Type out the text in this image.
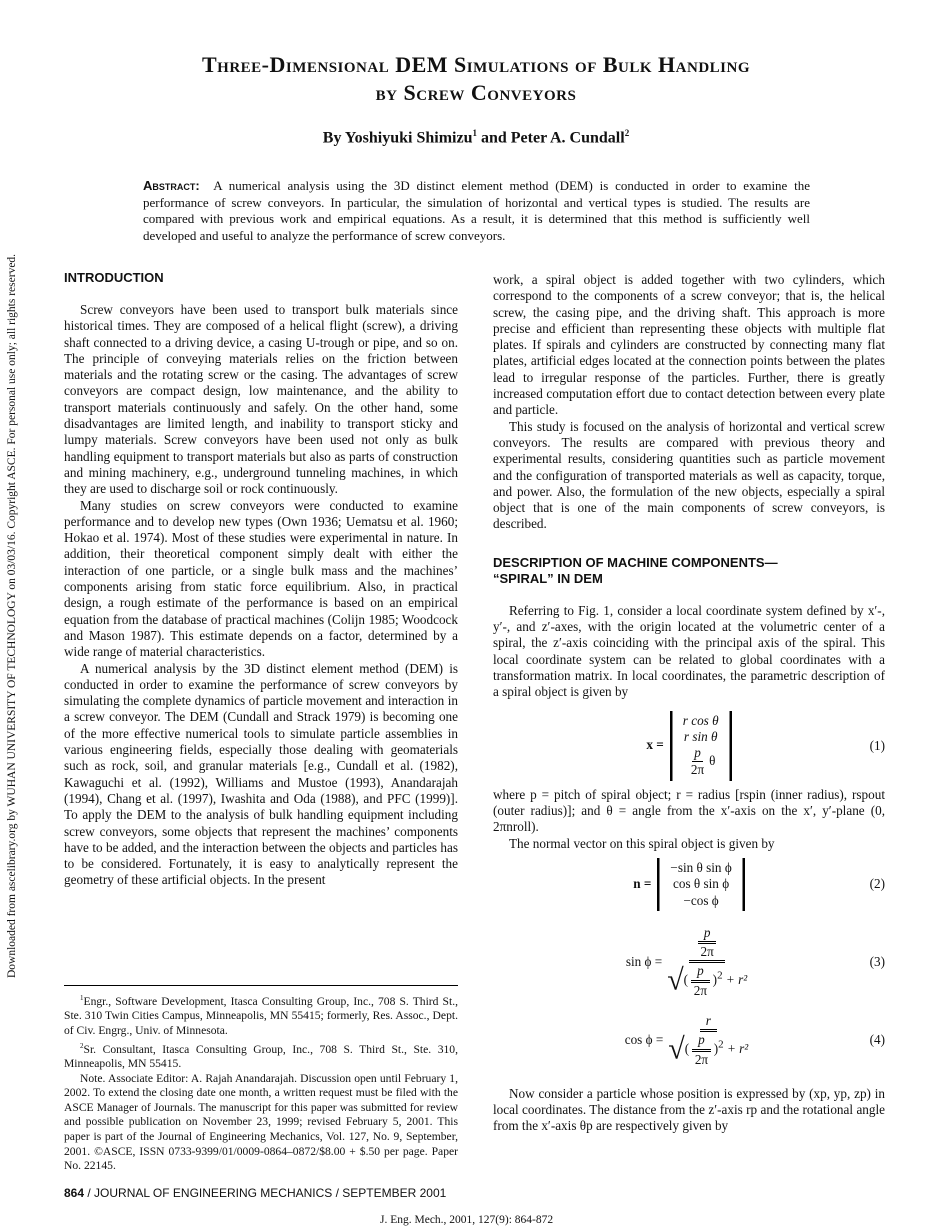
Three-Dimensional DEM Simulations of Bulk Handling
by Screw Conveyors
By Yoshiyuki Shimizu$^1$ and Peter A. Cundall$^2$
Abstract: A numerical analysis using the 3D distinct element method (DEM) is conducted in order to examine the performance of screw conveyors. In particular, the simulation of horizontal and vertical types is studied. The results are compared with previous work and empirical equations. As a result, it is determined that this method is sufficiently well developed and useful to analyze the performance of screw conveyors.
Downloaded from ascelibrary.org by WUHAN UNIVERSITY OF TECHNOLOGY on 03/03/16. Copyright ASCE. For personal use only; all rights reserved.	INTRODUCTION

Screw conveyors have been used to transport bulk materials since historical times. They are composed of a helical flight (screw), a driving shaft connected to a driving device, a casing U-trough or pipe, and so on. The principle of conveying materials relies on the friction between materials and the rotating screw or the casing. The advantages of screw conveyors are compact design, low maintenance, and the ability to transport materials continuously and safely. On the other hand, some disadvantages are limited length, and inability to transport sticky and lumpy materials. Screw conveyors have been used not only as bulk handling equipment to transport materials but also as parts of construction and mining machinery, e.g., underground tunneling machines, in which they are used to discharge soil or rock continuously.

Many studies on screw conveyors were conducted to examine performance and to develop new types (Own 1936; Uematsu et al. 1960; Hokao et al. 1974). Most of these studies were experimental in nature. In addition, their theoretical component simply dealt with either the interaction of one particle, or a single bulk mass and the machines’ components arising from static force equilibrium. Also, in practical design, a rough estimate of the performance is based on an empirical equation from the database of practical machines (Colijn 1985; Woodcock and Mason 1987). This estimate depends on a factor, determined by a wide range of material characteristics.

A numerical analysis by the 3D distinct element method (DEM) is conducted in order to examine the performance of screw conveyors by simulating the complete dynamics of particle movement and interaction in a screw conveyor. The DEM (Cundall and Strack 1979) is becoming one of the more effective numerical tools to simulate particle assemblies in various engineering fields, especially those dealing with geomaterials such as rock, soil, and granular materials [e.g., Cundall et al. (1982), Kawaguchi et al. (1992), Williams and Mustoe (1993), Anandarajah (1994), Chang et al. (1997), Iwashita and Oda (1988), and PFC (1999)]. To apply the DEM to the analysis of bulk handling equipment including screw conveyors, some objects that represent the machines’ components have to be added, and the interaction between the objects and particles has to be considered. Fortunately, it is easy to analytically represent the geometry of these artificial objects. In the present

work, a spiral object is added together with two cylinders, which correspond to the components of a screw conveyor; that is, the helical screw, the casing pipe, and the driving shaft. This approach is more precise and efficient than representing these objects with multiple flat plates. If spirals and cylinders are constructed by connecting many flat plates, artificial edges located at the connection points between the plates lead to irregular response of the particles. Further, there is greatly increased computation effort due to contact detection between every plate and particle.

This study is focused on the analysis of horizontal and vertical screw conveyors. The results are compared with previous theory and experimental results, considering quantities such as particle movement and the configuration of transported materials as well as capacity, torque, and power. Also, the formulation of the new objects, especially a spiral object that is one of the main components of screw conveyors, is described.

DESCRIPTION OF MACHINE COMPONENTS— “SPIRAL” IN DEM

Referring to Fig. 1, consider a local coordinate system defined by x′-, y′-, and z′-axes, with the origin located at the volumetric center of a spiral, the z′-axis coinciding with the principal axis of the spiral. This local coordinate system can be related to global coordinates with a transformation matrix. In local coordinates, the parametric description of a spiral object is given by

x =
r cos θ
r sin θ
$\frac{p}{2\pi}$ θ
(1)

where p = pitch of spiral object; r = radius [rspin (inner radius), rspout (outer radius)]; and θ = angle from the x′-axis on the x′, y′-plane (0, 2πnroll).

The normal vector on this spiral object is given by

n =
−sin θ sin ϕ
cos θ sin ϕ
−cos ϕ
(2)
$\sin \phi = \frac{\frac{p}{2\pi}}{√( \frac{p}{2\pi} )^2 + r^2}$	(3)
$\cos \phi = \frac{r}{√( \frac{p}{2\pi} )^2 + r^2}$	(4)

Now consider a particle whose position is expressed by (xp, yp, zp) in local coordinates. The distance from the z′-axis rp and the rotational angle from the x′-axis θp are respectively given by

$^1$Engr., Software Development, Itasca Consulting Group, Inc., 708 S. Third St., Ste. 310 Twin Cities Campus, Minneapolis, MN 55415; formerly, Res. Assoc., Dept. of Civ. Engrg., Univ. of Minnesota.

$^2$Sr. Consultant, Itasca Consulting Group, Inc., 708 S. Third St., Ste. 310, Minneapolis, MN 55415.

Note. Associate Editor: A. Rajah Anandarajah. Discussion open until February 1, 2002. To extend the closing date one month, a written request must be filed with the ASCE Manager of Journals. The manuscript for this paper was submitted for review and possible publication on November 23, 1999; revised February 5, 2001. This paper is part of the Journal of Engineering Mechanics, Vol. 127, No. 9, September, 2001. ©ASCE, ISSN 0733-9399/01/0009-0864–0872/$8.00 + $.50 per page. Paper No. 22145.

864 / JOURNAL OF ENGINEERING MECHANICS / SEPTEMBER 2001
J. Eng. Mech., 2001, 127(9): 864-872
